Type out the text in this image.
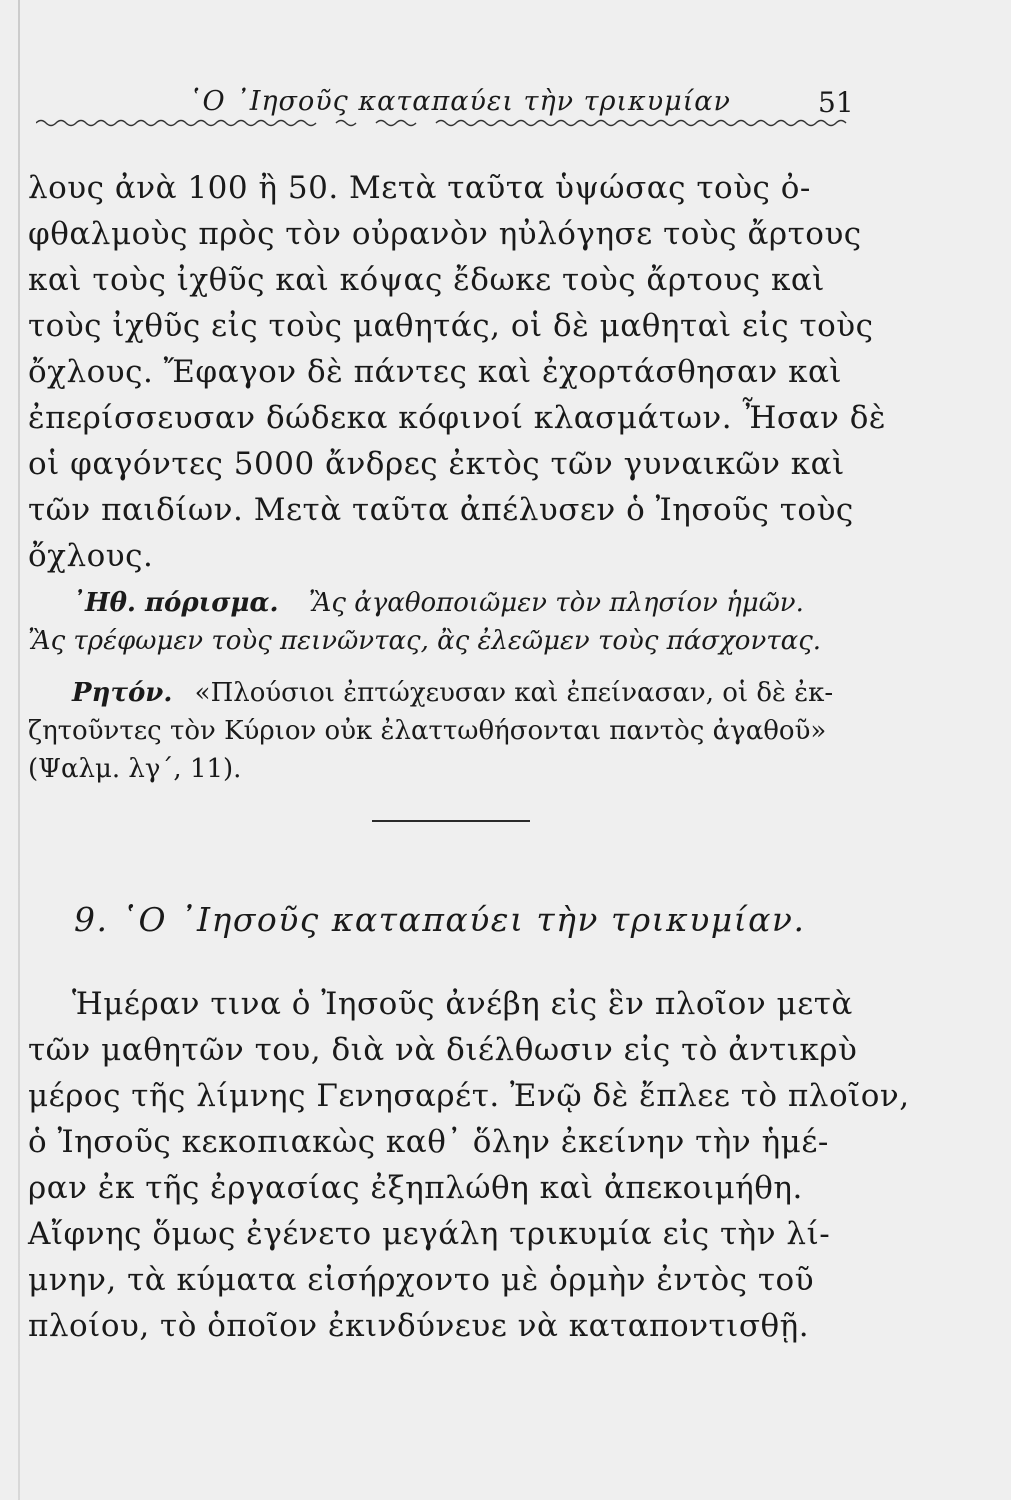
῾Ο ᾽Ιησοῦς καταπαύει τὴν τρικυμίαν	51
λους ἀνὰ 100 ἢ 50. Μετὰ ταῦτα ὑψώσας τοὺς ὀ-
φθαλμοὺς πρὸς τὸν οὐρανὸν ηὐλόγησε τοὺς ἄρτους
καὶ τοὺς ἰχθῦς καὶ κόψας ἔδωκε τοὺς ἄρτους καὶ
τοὺς ἰχθῦς εἰς τοὺς μαθητάς, οἱ δὲ μαθηταὶ εἰς τοὺς
ὄχλους. Ἔφαγον δὲ πάντες καὶ ἐχορτάσθησαν καὶ
ἐπερίσσευσαν δώδεκα κόφινοί κλασμάτων. Ἦσαν δὲ
οἱ φαγόντες 5000 ἄνδρες ἐκτὸς τῶν γυναικῶν καὶ
τῶν παιδίων. Μετὰ ταῦτα ἀπέλυσεν ὁ Ἰησοῦς τοὺς
ὄχλους.
᾽Ηθ. πόρισμα. Ἂς ἀγαθοποιῶμεν τὸν πλησίον ἡμῶν.
Ἂς τρέφωμεν τοὺς πεινῶντας, ἂς ἐλεῶμεν τοὺς πάσχοντας.
Ρητόν. «Πλούσιοι ἐπτώχευσαν καὶ ἐπείνασαν, οἱ δὲ ἐκ-
ζητοῦντες τὸν Κύριον οὐκ ἐλαττωθήσονται παντὸς ἀγαθοῦ»
(Ψαλμ. λγ΄, 11).
9. ῾Ο ᾽Ιησοῦς καταπαύει τὴν τρικυμίαν.
Ἡμέραν τινα ὁ Ἰησοῦς ἀνέβη εἰς ἓν πλοῖον μετὰ
τῶν μαθητῶν του, διὰ νὰ διέλθωσιν εἰς τὸ ἀντικρὺ
μέρος τῆς λίμνης Γενησαρέτ. Ἐνῷ δὲ ἔπλεε τὸ πλοῖον,
ὁ Ἰησοῦς κεκοπιακὼς καθ᾽ ὅλην ἐκείνην τὴν ἡμέ-
ραν ἐκ τῆς ἐργασίας ἐξηπλώθη καὶ ἀπεκοιμήθη.
Αἴφνης ὅμως ἐγένετο μεγάλη τρικυμία εἰς τὴν λί-
μνην, τὰ κύματα εἰσήρχοντο μὲ ὁρμὴν ἐντὸς τοῦ
πλοίου, τὸ ὁποῖον ἐκινδύνευε νὰ καταποντισθῇ.
